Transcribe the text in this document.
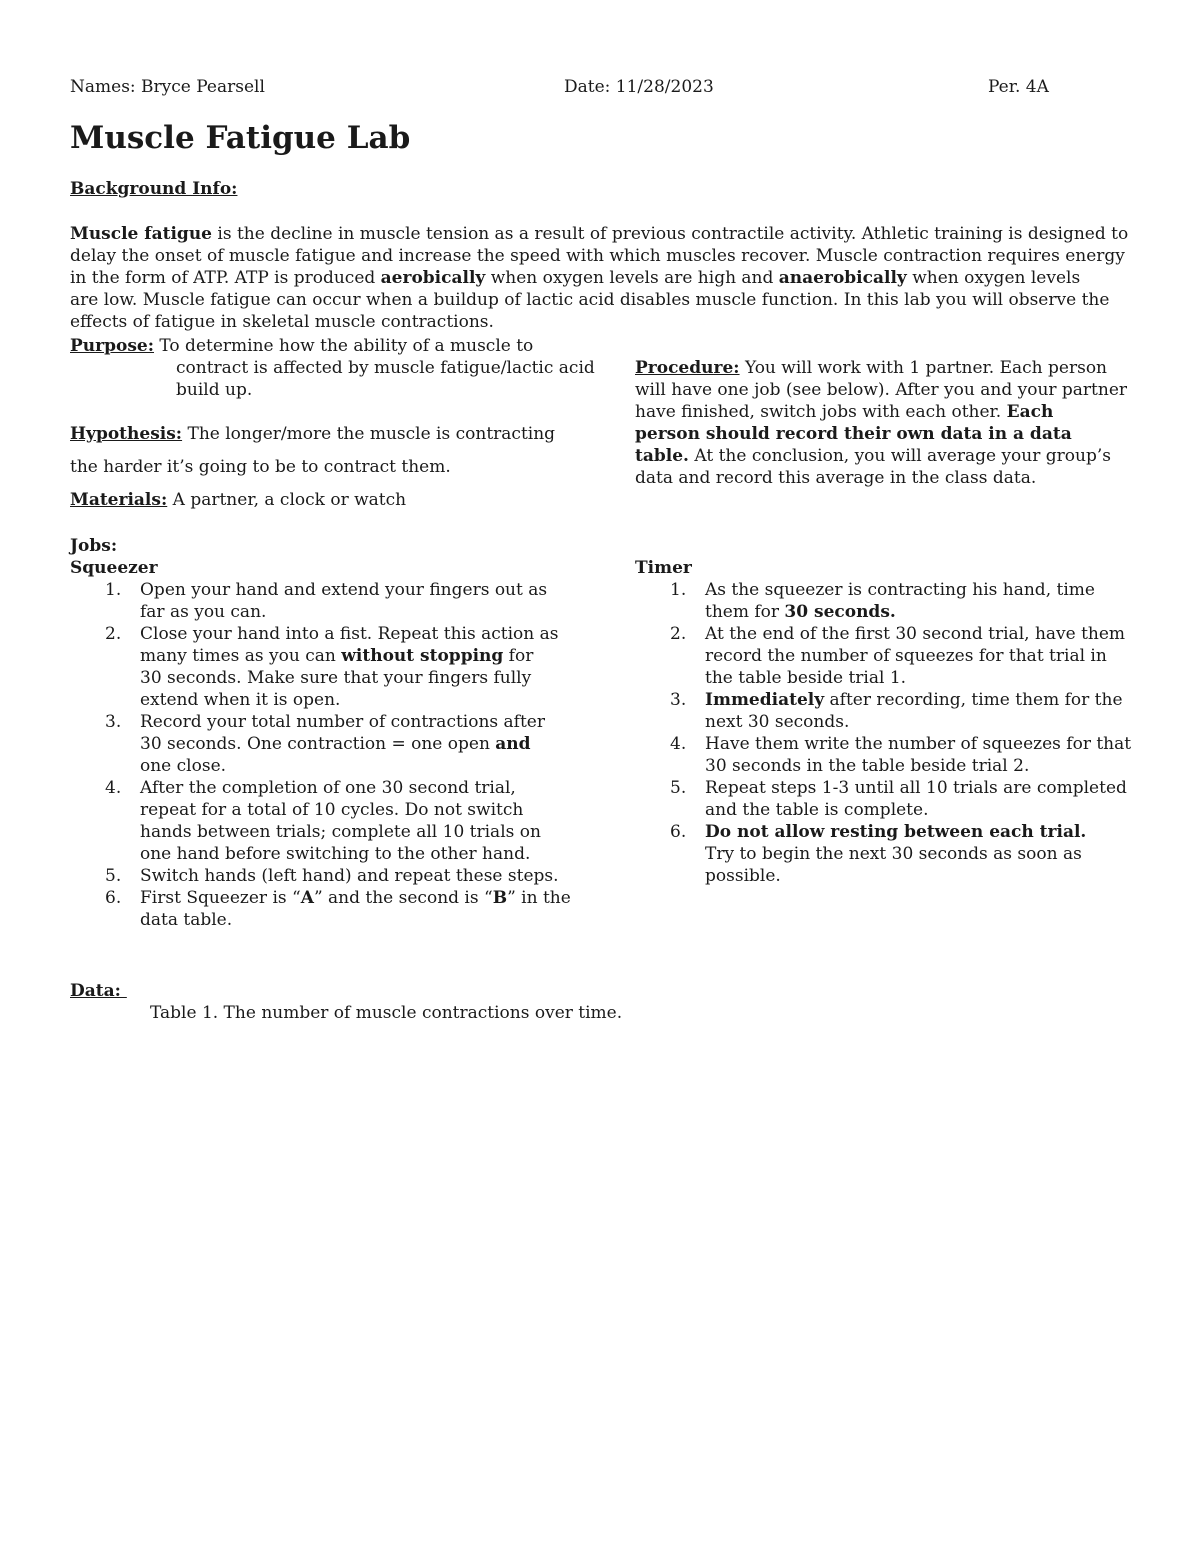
Names: Bryce Pearsell	Date: 11/28/2023	Per. 4A
Muscle Fatigue Lab
Background Info:
Muscle fatigue is the decline in muscle tension as a result of previous contractile activity. Athletic training is designed to
delay the onset of muscle fatigue and increase the speed with which muscles recover. Muscle contraction requires energy
in the form of ATP. ATP is produced aerobically when oxygen levels are high and anaerobically when oxygen levels
are low. Muscle fatigue can occur when a buildup of lactic acid disables muscle function. In this lab you will observe the
effects of fatigue in skeletal muscle contractions.
Purpose: To determine how the ability of a muscle to
contract is affected by muscle fatigue/lactic acid
build up.
Hypothesis: The longer/more the muscle is contracting
the harder it’s going to be to contract them.
Materials: A partner, a clock or watch
Procedure: You will work with 1 partner. Each person
will have one job (see below). After you and your partner
have finished, switch jobs with each other. Each
person should record their own data in a data
table. At the conclusion, you will average your group’s
data and record this average in the class data.
Jobs:
Squeezer	Timer
1. Open your hand and extend your fingers out as
far as you can.
2. Close your hand into a fist. Repeat this action as
many times as you can without stopping for
30 seconds. Make sure that your fingers fully
extend when it is open.
3. Record your total number of contractions after
30 seconds. One contraction = one open and
one close.
4. After the completion of one 30 second trial,
repeat for a total of 10 cycles. Do not switch
hands between trials; complete all 10 trials on
one hand before switching to the other hand.
5. Switch hands (left hand) and repeat these steps.
6. First Squeezer is “A” and the second is “B” in the
data table.
1. As the squeezer is contracting his hand, time
them for 30 seconds.
2. At the end of the first 30 second trial, have them
record the number of squeezes for that trial in
the table beside trial 1.
3. Immediately after recording, time them for the
next 30 seconds.
4. Have them write the number of squeezes for that
30 seconds in the table beside trial 2.
5. Repeat steps 1-3 until all 10 trials are completed
and the table is complete.
6. Do not allow resting between each trial.
Try to begin the next 30 seconds as soon as
possible.
Data:
Table 1. The number of muscle contractions over time.
